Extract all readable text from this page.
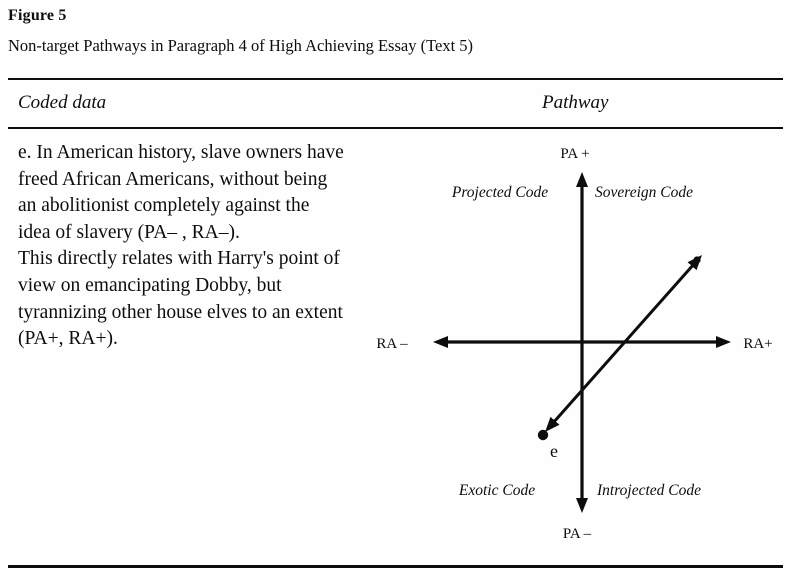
Figure 5
Non-target Pathways in Paragraph 4 of High Achieving Essay (Text 5)
Coded data	Pathway
e. In American history, slave owners have
freed African Americans, without being
an abolitionist completely against the
idea of slavery (PA– , RA–).
This directly relates with Harry's point of
view on emancipating Dobby, but
tyrannizing other house elves to an extent
(PA+, RA+).
PA +
PA –
RA –	RA+
Projected Code	Sovereign Code
Exotic Code	Introjected Code
e
